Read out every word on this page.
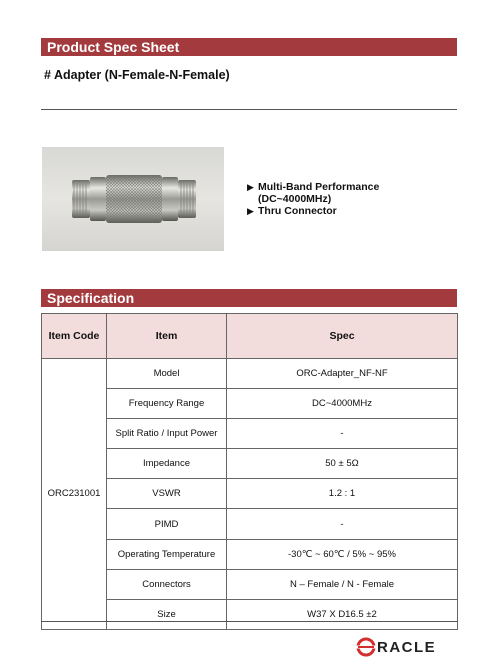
Product Spec Sheet
# Adapter (N-Female-N-Female)
▶ Multi-Band Performance
(DC~4000MHz)
▶ Thru Connector
Specification
Item Code	Item	Spec
ORC231001	Model	ORC-Adapter_NF-NF
	Frequency Range	DC~4000MHz
	Split Ratio / Input Power	-
	Impedance	50 ± 5Ω
	VSWR	1.2 : 1
	PIMD	-
	Operating Temperature	-30℃ ~ 60℃ / 5% ~ 95%
	Connectors	N – Female / N - Female
	Size	W37 X D16.5 ±2
RACLE
